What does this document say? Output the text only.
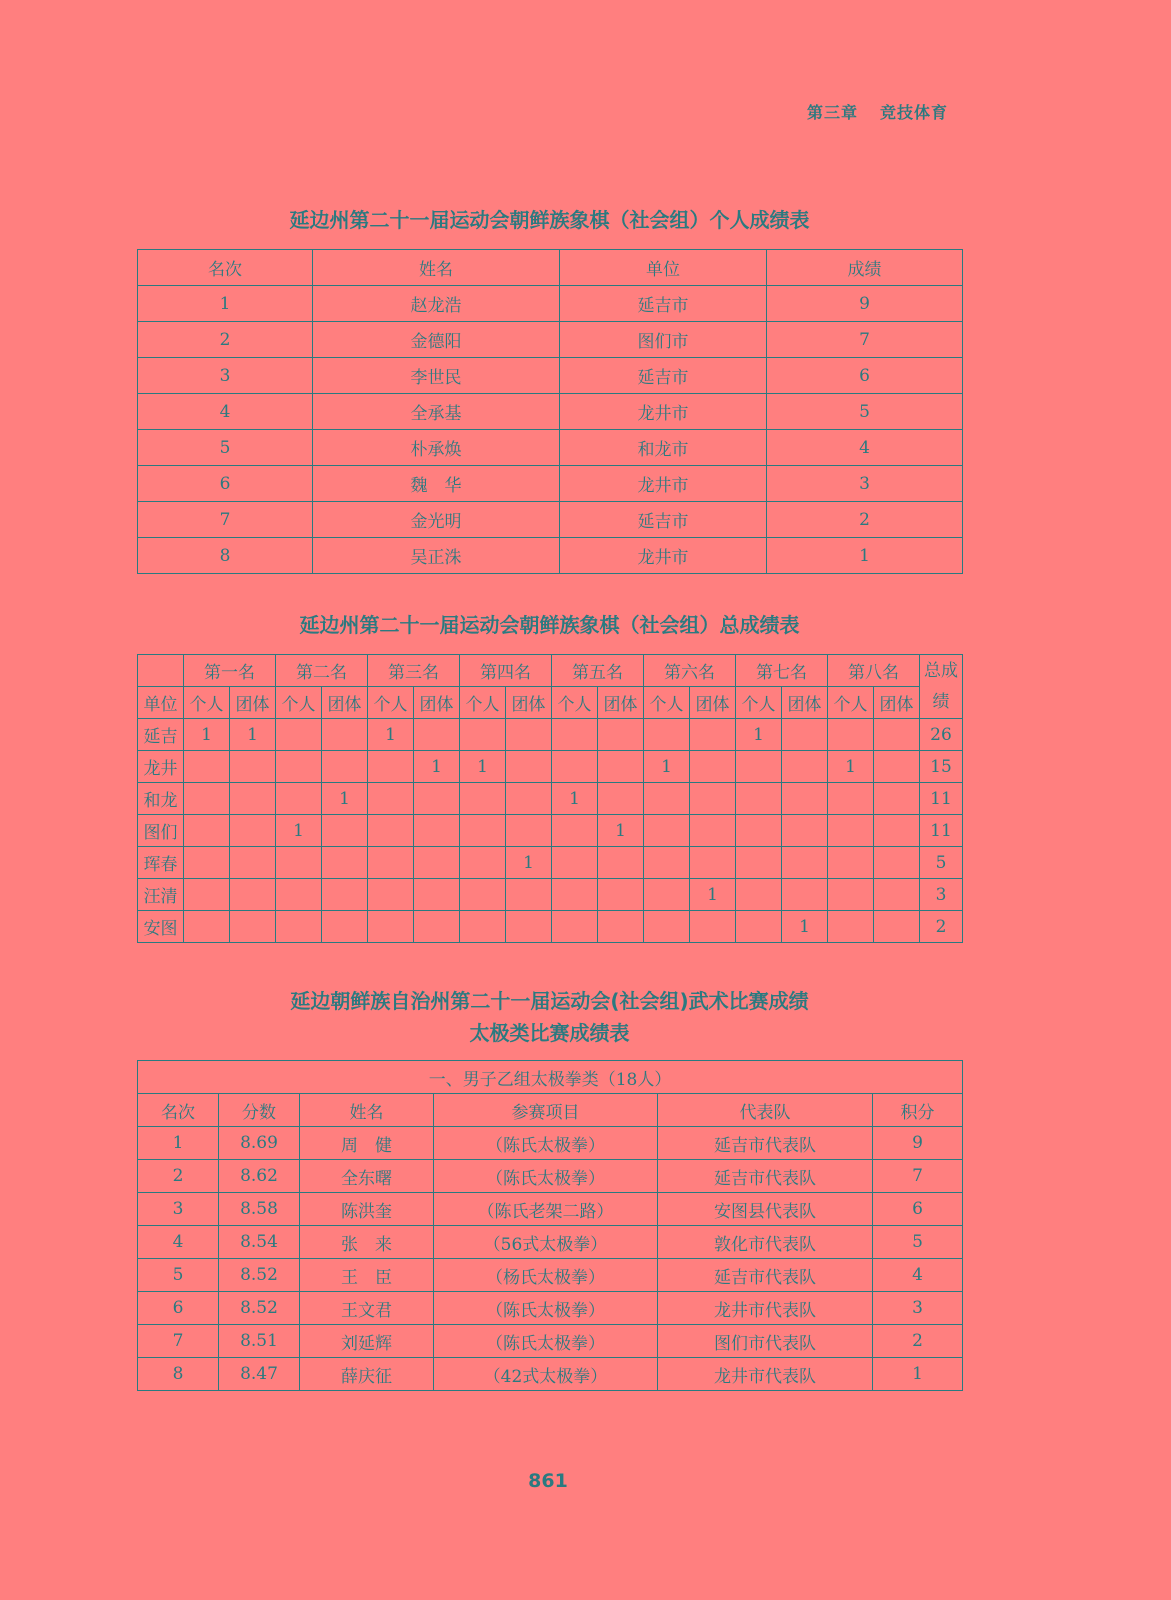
第三章 竞技体育
延边州第二十一届运动会朝鲜族象棋（社会组）个人成绩表
名次	姓名	单位	成绩
1	赵龙浩	延吉市	9
2	金德阳	图们市	7
3	李世民	延吉市	6
4	全承基	龙井市	5
5	朴承焕	和龙市	4
6	魏　华	龙井市	3
7	金光明	延吉市	2
8	吴正洙	龙井市	1
延边州第二十一届运动会朝鲜族象棋（社会组）总成绩表
	第一名		第二名		第三名		第四名		第五名		第六名		第七名		第八名		总成
绩
单位	个人	团体	个人	团体	个人	团体	个人	团体	个人	团体	个人	团体	个人	团体	个人	团体	
延吉	1	1			1								1				26
龙井						1	1				1				1		15
和龙				1					1								11
图们			1							1							11
珲春								1									5
汪清												1					3
安图														1			2
延边朝鲜族自治州第二十一届运动会(社会组)武术比赛成绩
太极类比赛成绩表
一、男子乙组太极拳类（18人）					
名次	分数	姓名	参赛项目	代表队	积分
1	8.69	周　健	（陈氏太极拳）	延吉市代表队	9
2	8.62	全东曙	（陈氏太极拳）	延吉市代表队	7
3	8.58	陈洪奎	（陈氏老架二路）	安图县代表队	6
4	8.54	张　来	（56式太极拳）	敦化市代表队	5
5	8.52	王　臣	（杨氏太极拳）	延吉市代表队	4
6	8.52	王文君	（陈氏太极拳）	龙井市代表队	3
7	8.51	刘延辉	（陈氏太极拳）	图们市代表队	2
8	8.47	薛庆征	（42式太极拳）	龙井市代表队	1
861
